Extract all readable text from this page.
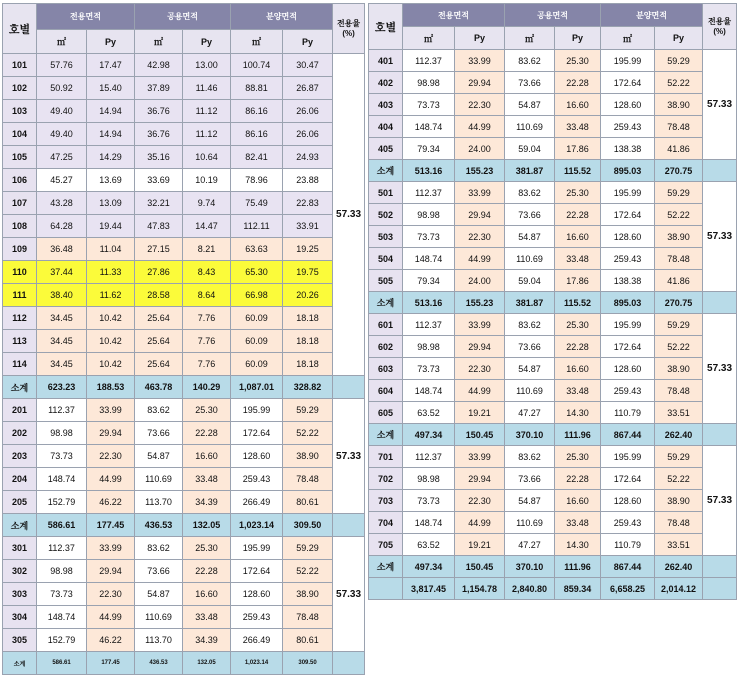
호별	전용면적		공용면적		분양면적		전용율(%)
	㎡	Py	㎡	Py	㎡	Py	
101	57.76	17.47	42.98	13.00	100.74	30.47	57.33
102	50.92	15.40	37.89	11.46	88.81	26.87	
103	49.40	14.94	36.76	11.12	86.16	26.06	
104	49.40	14.94	36.76	11.12	86.16	26.06	
105	47.25	14.29	35.16	10.64	82.41	24.93	
106	45.27	13.69	33.69	10.19	78.96	23.88	
107	43.28	13.09	32.21	9.74	75.49	22.83	
108	64.28	19.44	47.83	14.47	112.11	33.91	
109	36.48	11.04	27.15	8.21	63.63	19.25	
110	37.44	11.33	27.86	8.43	65.30	19.75	
111	38.40	11.62	28.58	8.64	66.98	20.26	
112	34.45	10.42	25.64	7.76	60.09	18.18	
113	34.45	10.42	25.64	7.76	60.09	18.18	
114	34.45	10.42	25.64	7.76	60.09	18.18	
소계	623.23	188.53	463.78	140.29	1,087.01	328.82	
201	112.37	33.99	83.62	25.30	195.99	59.29	57.33
202	98.98	29.94	73.66	22.28	172.64	52.22	
203	73.73	22.30	54.87	16.60	128.60	38.90	
204	148.74	44.99	110.69	33.48	259.43	78.48	
205	152.79	46.22	113.70	34.39	266.49	80.61	
소계	586.61	177.45	436.53	132.05	1,023.14	309.50	
301	112.37	33.99	83.62	25.30	195.99	59.29	57.33
302	98.98	29.94	73.66	22.28	172.64	52.22	
303	73.73	22.30	54.87	16.60	128.60	38.90	
304	148.74	44.99	110.69	33.48	259.43	78.48	
305	152.79	46.22	113.70	34.39	266.49	80.61	
소계	586.61	177.45	436.53	132.05	1,023.14	309.50	
호별	전용면적		공용면적		분양면적		전용율(%)
	㎡	Py	㎡	Py	㎡	Py	
401	112.37	33.99	83.62	25.30	195.99	59.29	57.33
402	98.98	29.94	73.66	22.28	172.64	52.22	
403	73.73	22.30	54.87	16.60	128.60	38.90	
404	148.74	44.99	110.69	33.48	259.43	78.48	
405	79.34	24.00	59.04	17.86	138.38	41.86	
소계	513.16	155.23	381.87	115.52	895.03	270.75	
501	112.37	33.99	83.62	25.30	195.99	59.29	57.33
502	98.98	29.94	73.66	22.28	172.64	52.22	
503	73.73	22.30	54.87	16.60	128.60	38.90	
504	148.74	44.99	110.69	33.48	259.43	78.48	
505	79.34	24.00	59.04	17.86	138.38	41.86	
소계	513.16	155.23	381.87	115.52	895.03	270.75	
601	112.37	33.99	83.62	25.30	195.99	59.29	57.33
602	98.98	29.94	73.66	22.28	172.64	52.22	
603	73.73	22.30	54.87	16.60	128.60	38.90	
604	148.74	44.99	110.69	33.48	259.43	78.48	
605	63.52	19.21	47.27	14.30	110.79	33.51	
소계	497.34	150.45	370.10	111.96	867.44	262.40	
701	112.37	33.99	83.62	25.30	195.99	59.29	57.33
702	98.98	29.94	73.66	22.28	172.64	52.22	
703	73.73	22.30	54.87	16.60	128.60	38.90	
704	148.74	44.99	110.69	33.48	259.43	78.48	
705	63.52	19.21	47.27	14.30	110.79	33.51	
소계	497.34	150.45	370.10	111.96	867.44	262.40	
	3,817.45	1,154.78	2,840.80	859.34	6,658.25	2,014.12	
